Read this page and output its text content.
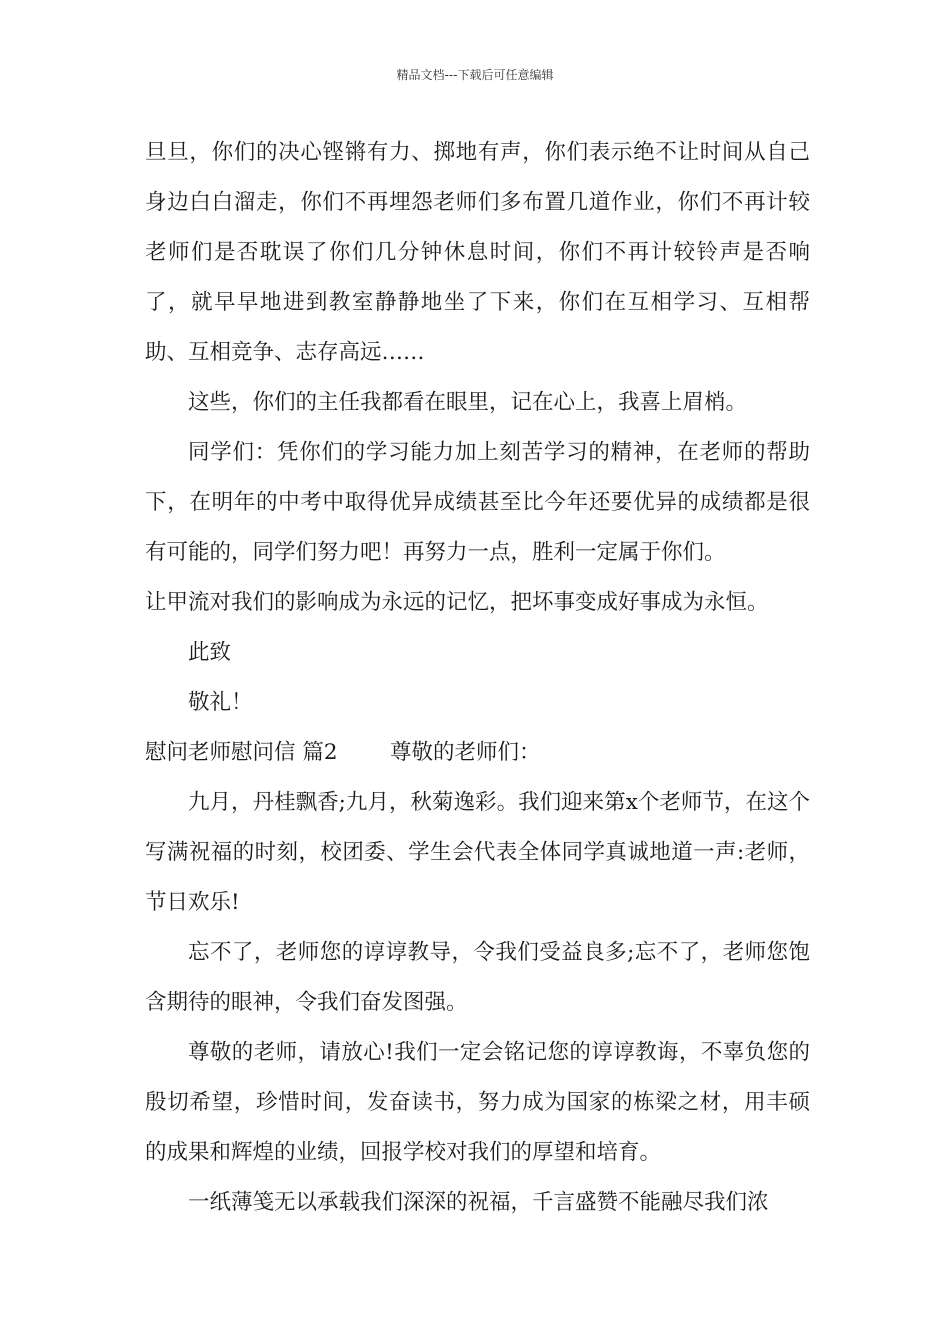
精品文档---下载后可任意编辑

旦旦，你们的决心铿锵有力、掷地有声，你们表示绝不让时间从自己身边白白溜走，你们不再埋怨老师们多布置几道作业，你们不再计较老师们是否耽误了你们几分钟休息时间，你们不再计较铃声是否响了，就早早地进到教室静静地坐了下来，你们在互相学习、互相帮助、互相竞争、志存高远……

这些，你们的主任我都看在眼里，记在心上，我喜上眉梢。

同学们：凭你们的学习能力加上刻苦学习的精神，在老师的帮助下，在明年的中考中取得优异成绩甚至比今年还要优异的成绩都是很有可能的，同学们努力吧！再努力一点，胜利一定属于你们。

让甲流对我们的影响成为永远的记忆，把坏事变成好事成为永恒。

此致

敬礼！

慰问老师慰问信 篇2	尊敬的老师们：

九月，丹桂飘香;九月，秋菊逸彩。我们迎来第x个老师节，在这个写满祝福的时刻，校团委、学生会代表全体同学真诚地道一声:老师，节日欢乐!

忘不了，老师您的谆谆教导，令我们受益良多;忘不了，老师您饱含期待的眼神，令我们奋发图强。

尊敬的老师，请放心!我们一定会铭记您的谆谆教诲，不辜负您的殷切希望，珍惜时间，发奋读书，努力成为国家的栋梁之材，用丰硕的成果和辉煌的业绩，回报学校对我们的厚望和培育。

一纸薄笺无以承载我们深深的祝福，千言盛赞不能融尽我们浓
